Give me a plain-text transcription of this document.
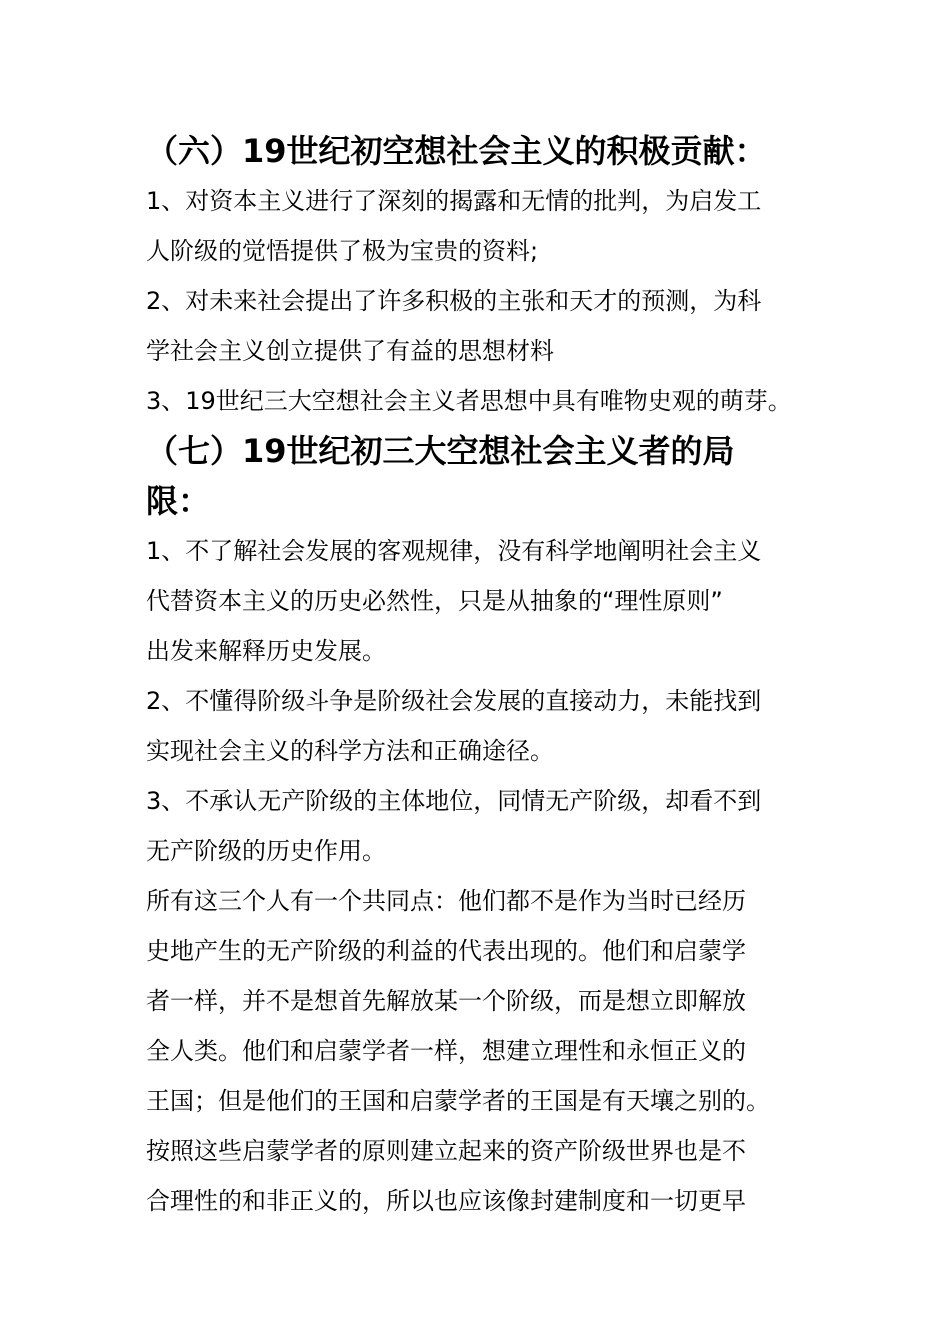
（六）19世纪初空想社会主义的积极贡献：

1、对资本主义进行了深刻的揭露和无情的批判，为启发工
人阶级的觉悟提供了极为宝贵的资料;

2、对未来社会提出了许多积极的主张和天才的预测，为科
学社会主义创立提供了有益的思想材料

3、19世纪三大空想社会主义者思想中具有唯物史观的萌芽。

（七）19世纪初三大空想社会主义者的局
限：

1、不了解社会发展的客观规律，没有科学地阐明社会主义
代替资本主义的历史必然性，只是从抽象的“理性原则”
出发来解释历史发展。

2、不懂得阶级斗争是阶级社会发展的直接动力，未能找到
实现社会主义的科学方法和正确途径。

3、不承认无产阶级的主体地位，同情无产阶级，却看不到
无产阶级的历史作用。

所有这三个人有一个共同点：他们都不是作为当时已经历
史地产生的无产阶级的利益的代表出现的。他们和启蒙学
者一样，并不是想首先解放某一个阶级，而是想立即解放
全人类。他们和启蒙学者一样，想建立理性和永恒正义的
王国；但是他们的王国和启蒙学者的王国是有天壤之别的。
按照这些启蒙学者的原则建立起来的资产阶级世界也是不
合理性的和非正义的，所以也应该像封建制度和一切更早
